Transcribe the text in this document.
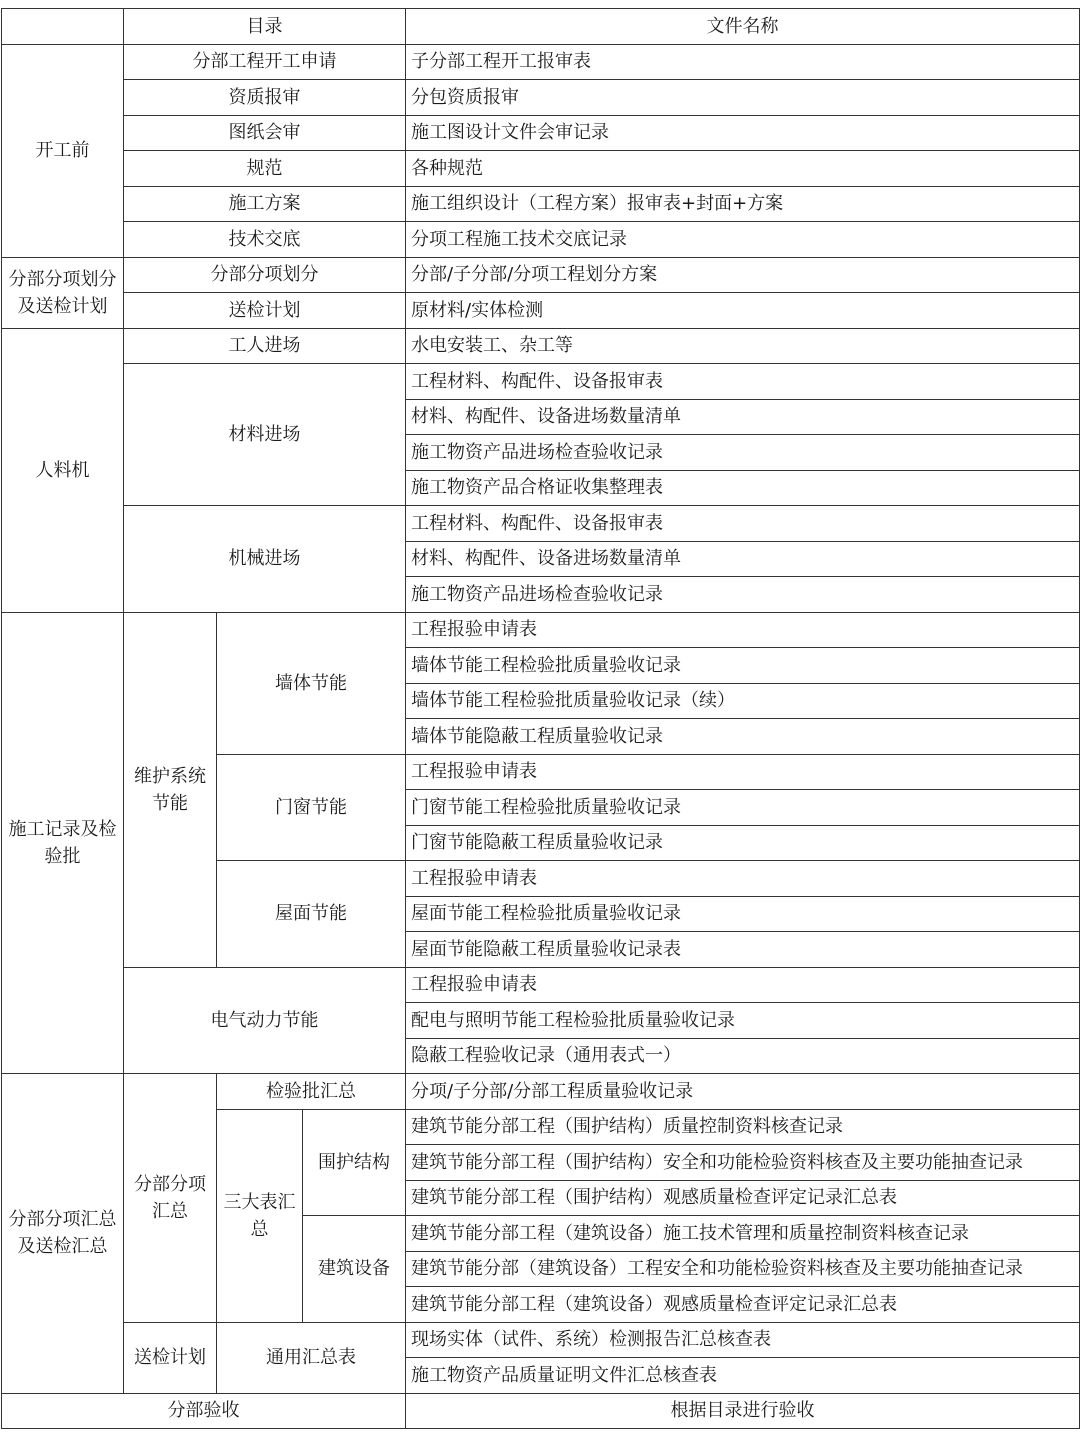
	目录			文件名称
开工前	分部工程开工申请			子分部工程开工报审表
	资质报审			分包资质报审
	图纸会审			施工图设计文件会审记录
	规范			各种规范
	施工方案			施工组织设计（工程方案）报审表+封面+方案
	技术交底			分项工程施工技术交底记录
分部分项划分及送检计划	分部分项划分			分部/子分部/分项工程划分方案
	送检计划			原材料/实体检测
人料机	工人进场			水电安装工、杂工等
	材料进场			工程材料、构配件、设备报审表
				材料、构配件、设备进场数量清单
				施工物资产品进场检查验收记录
				施工物资产品合格证收集整理表
	机械进场			工程材料、构配件、设备报审表
				材料、构配件、设备进场数量清单
				施工物资产品进场检查验收记录
施工记录及检验批	维护系统节能	墙体节能		工程报验申请表
				墙体节能工程检验批质量验收记录
				墙体节能工程检验批质量验收记录（续）
				墙体节能隐蔽工程质量验收记录
		门窗节能		工程报验申请表
				门窗节能工程检验批质量验收记录
				门窗节能隐蔽工程质量验收记录
		屋面节能		工程报验申请表
				屋面节能工程检验批质量验收记录
				屋面节能隐蔽工程质量验收记录表
	电气动力节能			工程报验申请表
				配电与照明节能工程检验批质量验收记录
				隐蔽工程验收记录（通用表式一）
分部分项汇总及送检汇总	分部分项汇总	检验批汇总		分项/子分部/分部工程质量验收记录
		三大表汇总	围护结构	建筑节能分部工程（围护结构）质量控制资料核查记录
				建筑节能分部工程（围护结构）安全和功能检验资料核查及主要功能抽查记录
				建筑节能分部工程（围护结构）观感质量检查评定记录汇总表
			建筑设备	建筑节能分部工程（建筑设备）施工技术管理和质量控制资料核查记录
				建筑节能分部（建筑设备）工程安全和功能检验资料核查及主要功能抽查记录
				建筑节能分部工程（建筑设备）观感质量检查评定记录汇总表
	送检计划	通用汇总表		现场实体（试件、系统）检测报告汇总核查表
				施工物资产品质量证明文件汇总核查表
分部验收				根据目录进行验收
